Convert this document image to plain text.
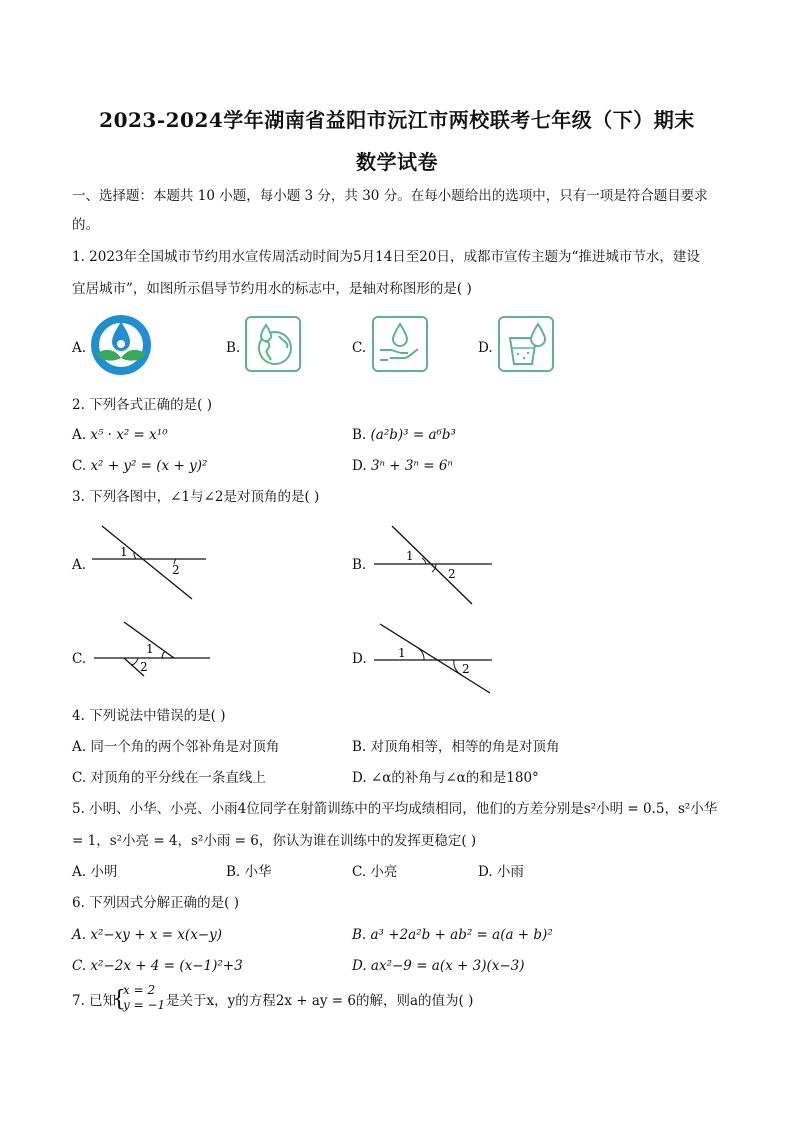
2023-2024学年湖南省益阳市沅江市两校联考七年级（下）期末
数学试卷
一、选择题：本题共 10 小题，每小题 3 分，共 30 分。在每小题给出的选项中，只有一项是符合题目要求
的。
1. 2023年全国城市节约用水宣传周活动时间为5月14日至20日，成都市宣传主题为“推进城市节水，建设
宜居城市”，如图所示倡导节约用水的标志中，是轴对称图形的是( )
A.	B.	C.	D.
2. 下列各式正确的是( )
A. x⁵ · x² = x¹⁰	B. (a²b)³ = a⁶b³
C. x² + y² = (x + y)²	D. 3ⁿ + 3ⁿ = 6ⁿ
3. 下列各图中，∠1与∠2是对顶角的是( )
A.
1
2	B.
1
2
C.
1
2	D.	1
2
4. 下列说法中错误的是( )
A. 同一个角的两个邻补角是对顶角	B. 对顶角相等，相等的角是对顶角
C. 对顶角的平分线在一条直线上	D. ∠α的补角与∠α的和是180°
5. 小明、小华、小亮、小雨4位同学在射箭训练中的平均成绩相同，他们的方差分别是s²小明 = 0.5，s²小华
= 1，s²小亮 = 4，s²小雨 = 6，你认为谁在训练中的发挥更稳定( )
A. 小明	B. 小华	C. 小亮	D. 小雨
6. 下列因式分解正确的是( )
A. x²−xy + x = x(x−y)	B. a³ +2a²b + ab² = a(a + b)²
C. x²−2x + 4 = (x−1)²+3	D. ax²−9 = a(x + 3)(x−3)
7. 已知
{
x = 2
y = −1 是关于x，y的方程2x + ay = 6的解，则a的值为( )
